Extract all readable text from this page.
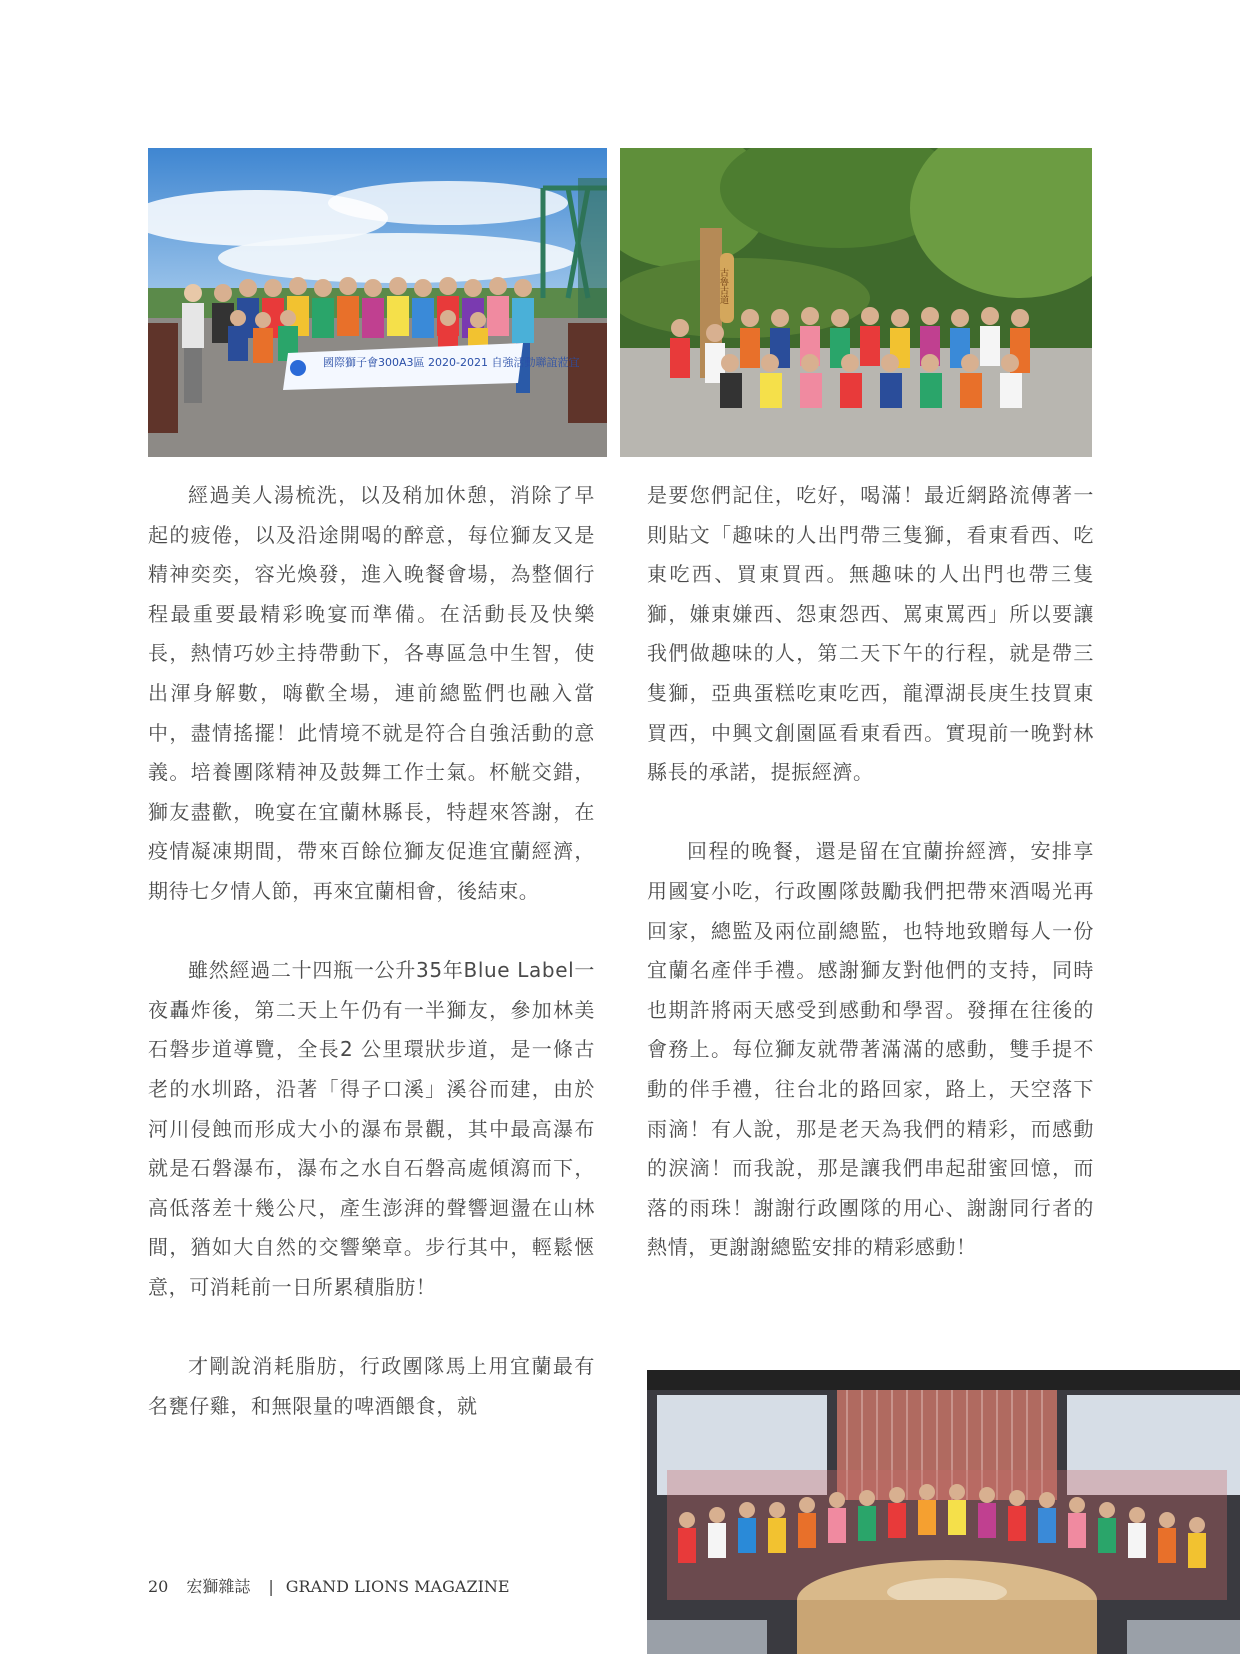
國際獅子會300A3區 2020-2021 自強活動聯誼蒞宜
古魯古道

經過美人湯梳洗，以及稍加休憩，消除了早起的疲倦，以及沿途開喝的醉意，每位獅友又是精神奕奕，容光煥發，進入晚餐會場，為整個行程最重要最精彩晚宴而準備。在活動長及快樂長，熱情巧妙主持帶動下，各專區急中生智，使出渾身解數，嗨歡全場，連前總監們也融入當中，盡情搖擺！此情境不就是符合自強活動的意義。培養團隊精神及鼓舞工作士氣。杯觥交錯，獅友盡歡，晚宴在宜蘭林縣長，特趕來答謝，在疫情凝凍期間，帶來百餘位獅友促進宜蘭經濟，期待七夕情人節，再來宜蘭相會，後結束。

雖然經過二十四瓶一公升35年Blue Label一夜轟炸後，第二天上午仍有一半獅友，參加林美石磐步道導覽，全長2 公里環狀步道，是一條古老的水圳路，沿著「得子口溪」溪谷而建，由於河川侵蝕而形成大小的瀑布景觀，其中最高瀑布就是石磐瀑布，瀑布之水自石磐高處傾瀉而下，高低落差十幾公尺，產生澎湃的聲響迴盪在山林間，猶如大自然的交響樂章。步行其中，輕鬆愜意，可消耗前一日所累積脂肪！

才剛說消耗脂肪，行政團隊馬上用宜蘭最有名甕仔雞，和無限量的啤酒餵食，就

是要您們記住，吃好，喝滿！最近網路流傳著一則貼文「趣味的人出門帶三隻獅，看東看西、吃東吃西、買東買西。無趣味的人出門也帶三隻獅，嫌東嫌西、怨東怨西、罵東罵西」所以要讓我們做趣味的人，第二天下午的行程，就是帶三隻獅，亞典蛋糕吃東吃西，龍潭湖長庚生技買東買西，中興文創園區看東看西。實現前一晚對林縣長的承諾，提振經濟。

回程的晚餐，還是留在宜蘭拚經濟，安排享用國宴小吃，行政團隊鼓勵我們把帶來酒喝光再回家，總監及兩位副總監，也特地致贈每人一份宜蘭名產伴手禮。感謝獅友對他們的支持，同時也期許將兩天感受到感動和學習。發揮在往後的會務上。每位獅友就帶著滿滿的感動，雙手提不動的伴手禮，往台北的路回家，路上，天空落下雨滴！有人說，那是老天為我們的精彩，而感動的淚滴！而我說，那是讓我們串起甜蜜回憶，而落的雨珠！謝謝行政團隊的用心、謝謝同行者的熱情，更謝謝總監安排的精彩感動！

20 宏獅雜誌 | GRAND LIONS MAGAZINE
